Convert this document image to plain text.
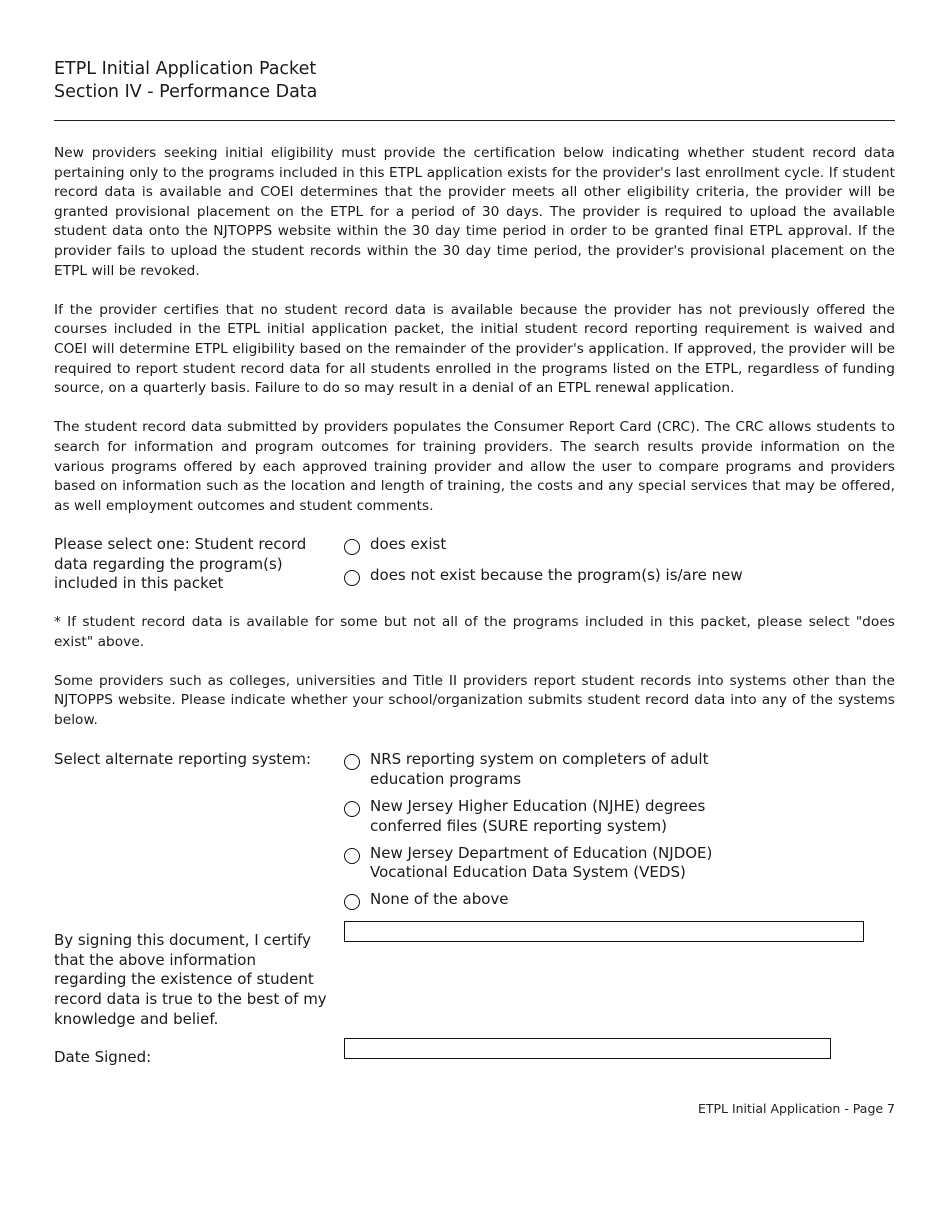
ETPL Initial Application Packet
Section IV - Performance Data

New providers seeking initial eligibility must provide the certification below indicating whether student record data pertaining only to the programs included in this ETPL application exists for the provider's last enrollment cycle. If student record data is available and COEI determines that the provider meets all other eligibility criteria, the provider will be granted provisional placement on the ETPL for a period of 30 days. The provider is required to upload the available student data onto the NJTOPPS website within the 30 day time period in order to be granted final ETPL approval. If the provider fails to upload the student records within the 30 day time period, the provider's provisional placement on the ETPL will be revoked.

If the provider certifies that no student record data is available because the provider has not previously offered the courses included in the ETPL initial application packet, the initial student record reporting requirement is waived and COEI will determine ETPL eligibility based on the remainder of the provider's application. If approved, the provider will be required to report student record data for all students enrolled in the programs listed on the ETPL, regardless of funding source, on a quarterly basis. Failure to do so may result in a denial of an ETPL renewal application.

The student record data submitted by providers populates the Consumer Report Card (CRC). The CRC allows students to search for information and program outcomes for training providers. The search results provide information on the various programs offered by each approved training provider and allow the user to compare programs and providers based on information such as the location and length of training, the costs and any special services that may be offered, as well employment outcomes and student comments.

Please select one: Student record data regarding the program(s) included in this packet
does exist
does not exist because the program(s) is/are new

* If student record data is available for some but not all of the programs included in this packet, please select "does exist" above.

Some providers such as colleges, universities and Title II providers report student records into systems other than the NJTOPPS website. Please indicate whether your school/organization submits student record data into any of the systems below.

Select alternate reporting system:	NRS reporting system on completers of adult education programs
New Jersey Higher Education (NJHE) degrees conferred files (SURE reporting system)
New Jersey Department of Education (NJDOE) Vocational Education Data System (VEDS)
None of the above
By signing this document, I certify that the above information regarding the existence of student record data is true to the best of my knowledge and belief.
Date Signed:
ETPL Initial Application - Page 7
